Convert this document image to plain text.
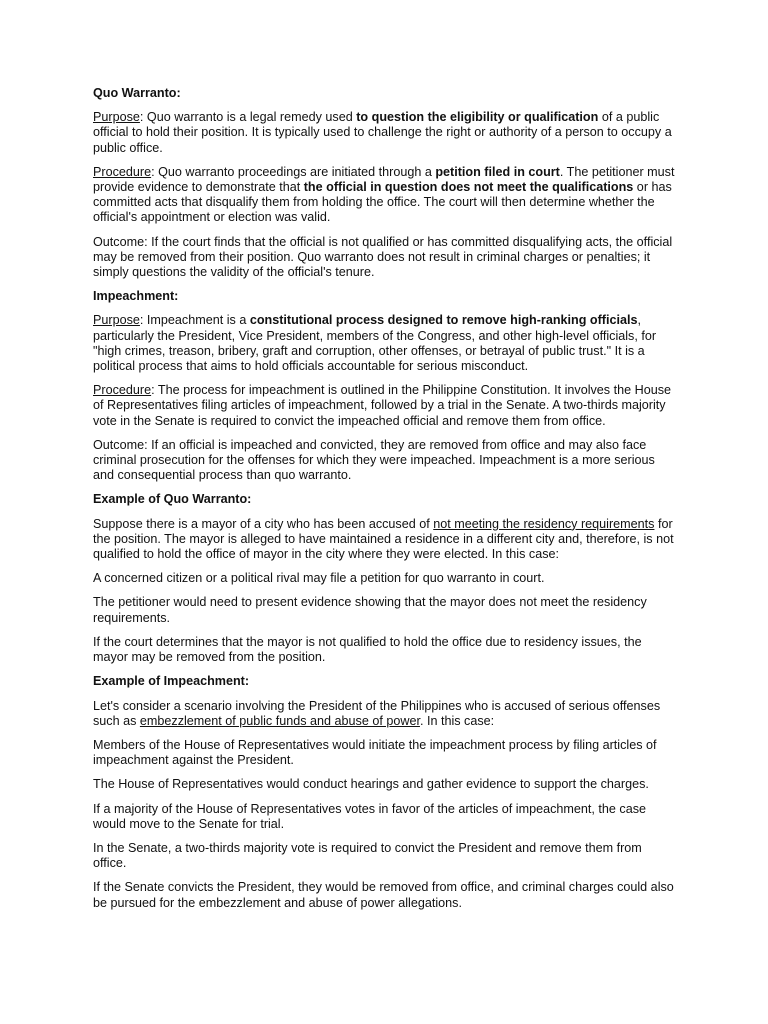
Quo Warranto:
Purpose: Quo warranto is a legal remedy used to question the eligibility or qualification of a public official to hold their position. It is typically used to challenge the right or authority of a person to occupy a public office.
Procedure: Quo warranto proceedings are initiated through a petition filed in court. The petitioner must provide evidence to demonstrate that the official in question does not meet the qualifications or has committed acts that disqualify them from holding the office. The court will then determine whether the official's appointment or election was valid.
Outcome: If the court finds that the official is not qualified or has committed disqualifying acts, the official may be removed from their position. Quo warranto does not result in criminal charges or penalties; it simply questions the validity of the official's tenure.
Impeachment:
Purpose: Impeachment is a constitutional process designed to remove high-ranking officials, particularly the President, Vice President, members of the Congress, and other high-level officials, for "high crimes, treason, bribery, graft and corruption, other offenses, or betrayal of public trust." It is a political process that aims to hold officials accountable for serious misconduct.
Procedure: The process for impeachment is outlined in the Philippine Constitution. It involves the House of Representatives filing articles of impeachment, followed by a trial in the Senate. A two-thirds majority vote in the Senate is required to convict the impeached official and remove them from office.
Outcome: If an official is impeached and convicted, they are removed from office and may also face criminal prosecution for the offenses for which they were impeached. Impeachment is a more serious and consequential process than quo warranto.
Example of Quo Warranto:
Suppose there is a mayor of a city who has been accused of not meeting the residency requirements for the position. The mayor is alleged to have maintained a residence in a different city and, therefore, is not qualified to hold the office of mayor in the city where they were elected. In this case:
A concerned citizen or a political rival may file a petition for quo warranto in court.
The petitioner would need to present evidence showing that the mayor does not meet the residency requirements.
If the court determines that the mayor is not qualified to hold the office due to residency issues, the mayor may be removed from the position.
Example of Impeachment:
Let's consider a scenario involving the President of the Philippines who is accused of serious offenses such as embezzlement of public funds and abuse of power. In this case:
Members of the House of Representatives would initiate the impeachment process by filing articles of impeachment against the President.
The House of Representatives would conduct hearings and gather evidence to support the charges.
If a majority of the House of Representatives votes in favor of the articles of impeachment, the case would move to the Senate for trial.
In the Senate, a two-thirds majority vote is required to convict the President and remove them from office.
If the Senate convicts the President, they would be removed from office, and criminal charges could also be pursued for the embezzlement and abuse of power allegations.
